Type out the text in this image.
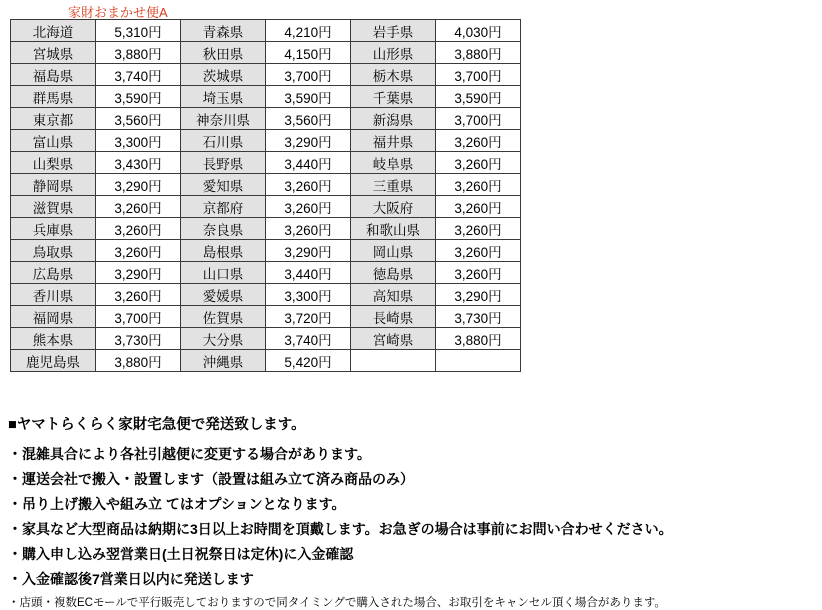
家財おまかせ便A
北海道	5,310円	青森県	4,210円	岩手県	4,030円
宮城県	3,880円	秋田県	4,150円	山形県	3,880円
福島県	3,740円	茨城県	3,700円	栃木県	3,700円
群馬県	3,590円	埼玉県	3,590円	千葉県	3,590円
東京都	3,560円	神奈川県	3,560円	新潟県	3,700円
富山県	3,300円	石川県	3,290円	福井県	3,260円
山梨県	3,430円	長野県	3,440円	岐阜県	3,260円
静岡県	3,290円	愛知県	3,260円	三重県	3,260円
滋賀県	3,260円	京都府	3,260円	大阪府	3,260円
兵庫県	3,260円	奈良県	3,260円	和歌山県	3,260円
鳥取県	3,260円	島根県	3,290円	岡山県	3,260円
広島県	3,290円	山口県	3,440円	徳島県	3,260円
香川県	3,260円	愛媛県	3,300円	高知県	3,290円
福岡県	3,700円	佐賀県	3,720円	長崎県	3,730円
熊本県	3,730円	大分県	3,740円	宮崎県	3,880円
鹿児島県	3,880円	沖縄県	5,420円		

■ヤマトらくらく家財宅急便で発送致します。

・混雑具合により各社引越便に変更する場合があります。

・運送会社で搬入・設置します（設置は組み立て済み商品のみ）

・吊り上げ搬入や組み立 てはオプションとなります。

・家具など大型商品は納期に3日以上お時間を頂戴します。お急ぎの場合は事前にお問い合わせください。

・購入申し込み翌営業日(土日祝祭日は定休)に入金確認

・入金確認後7営業日以内に発送します

・店頭・複数ECモールで平行販売しておりますので同タイミングで購入された場合、お取引をキャンセル頂く場合があります。
